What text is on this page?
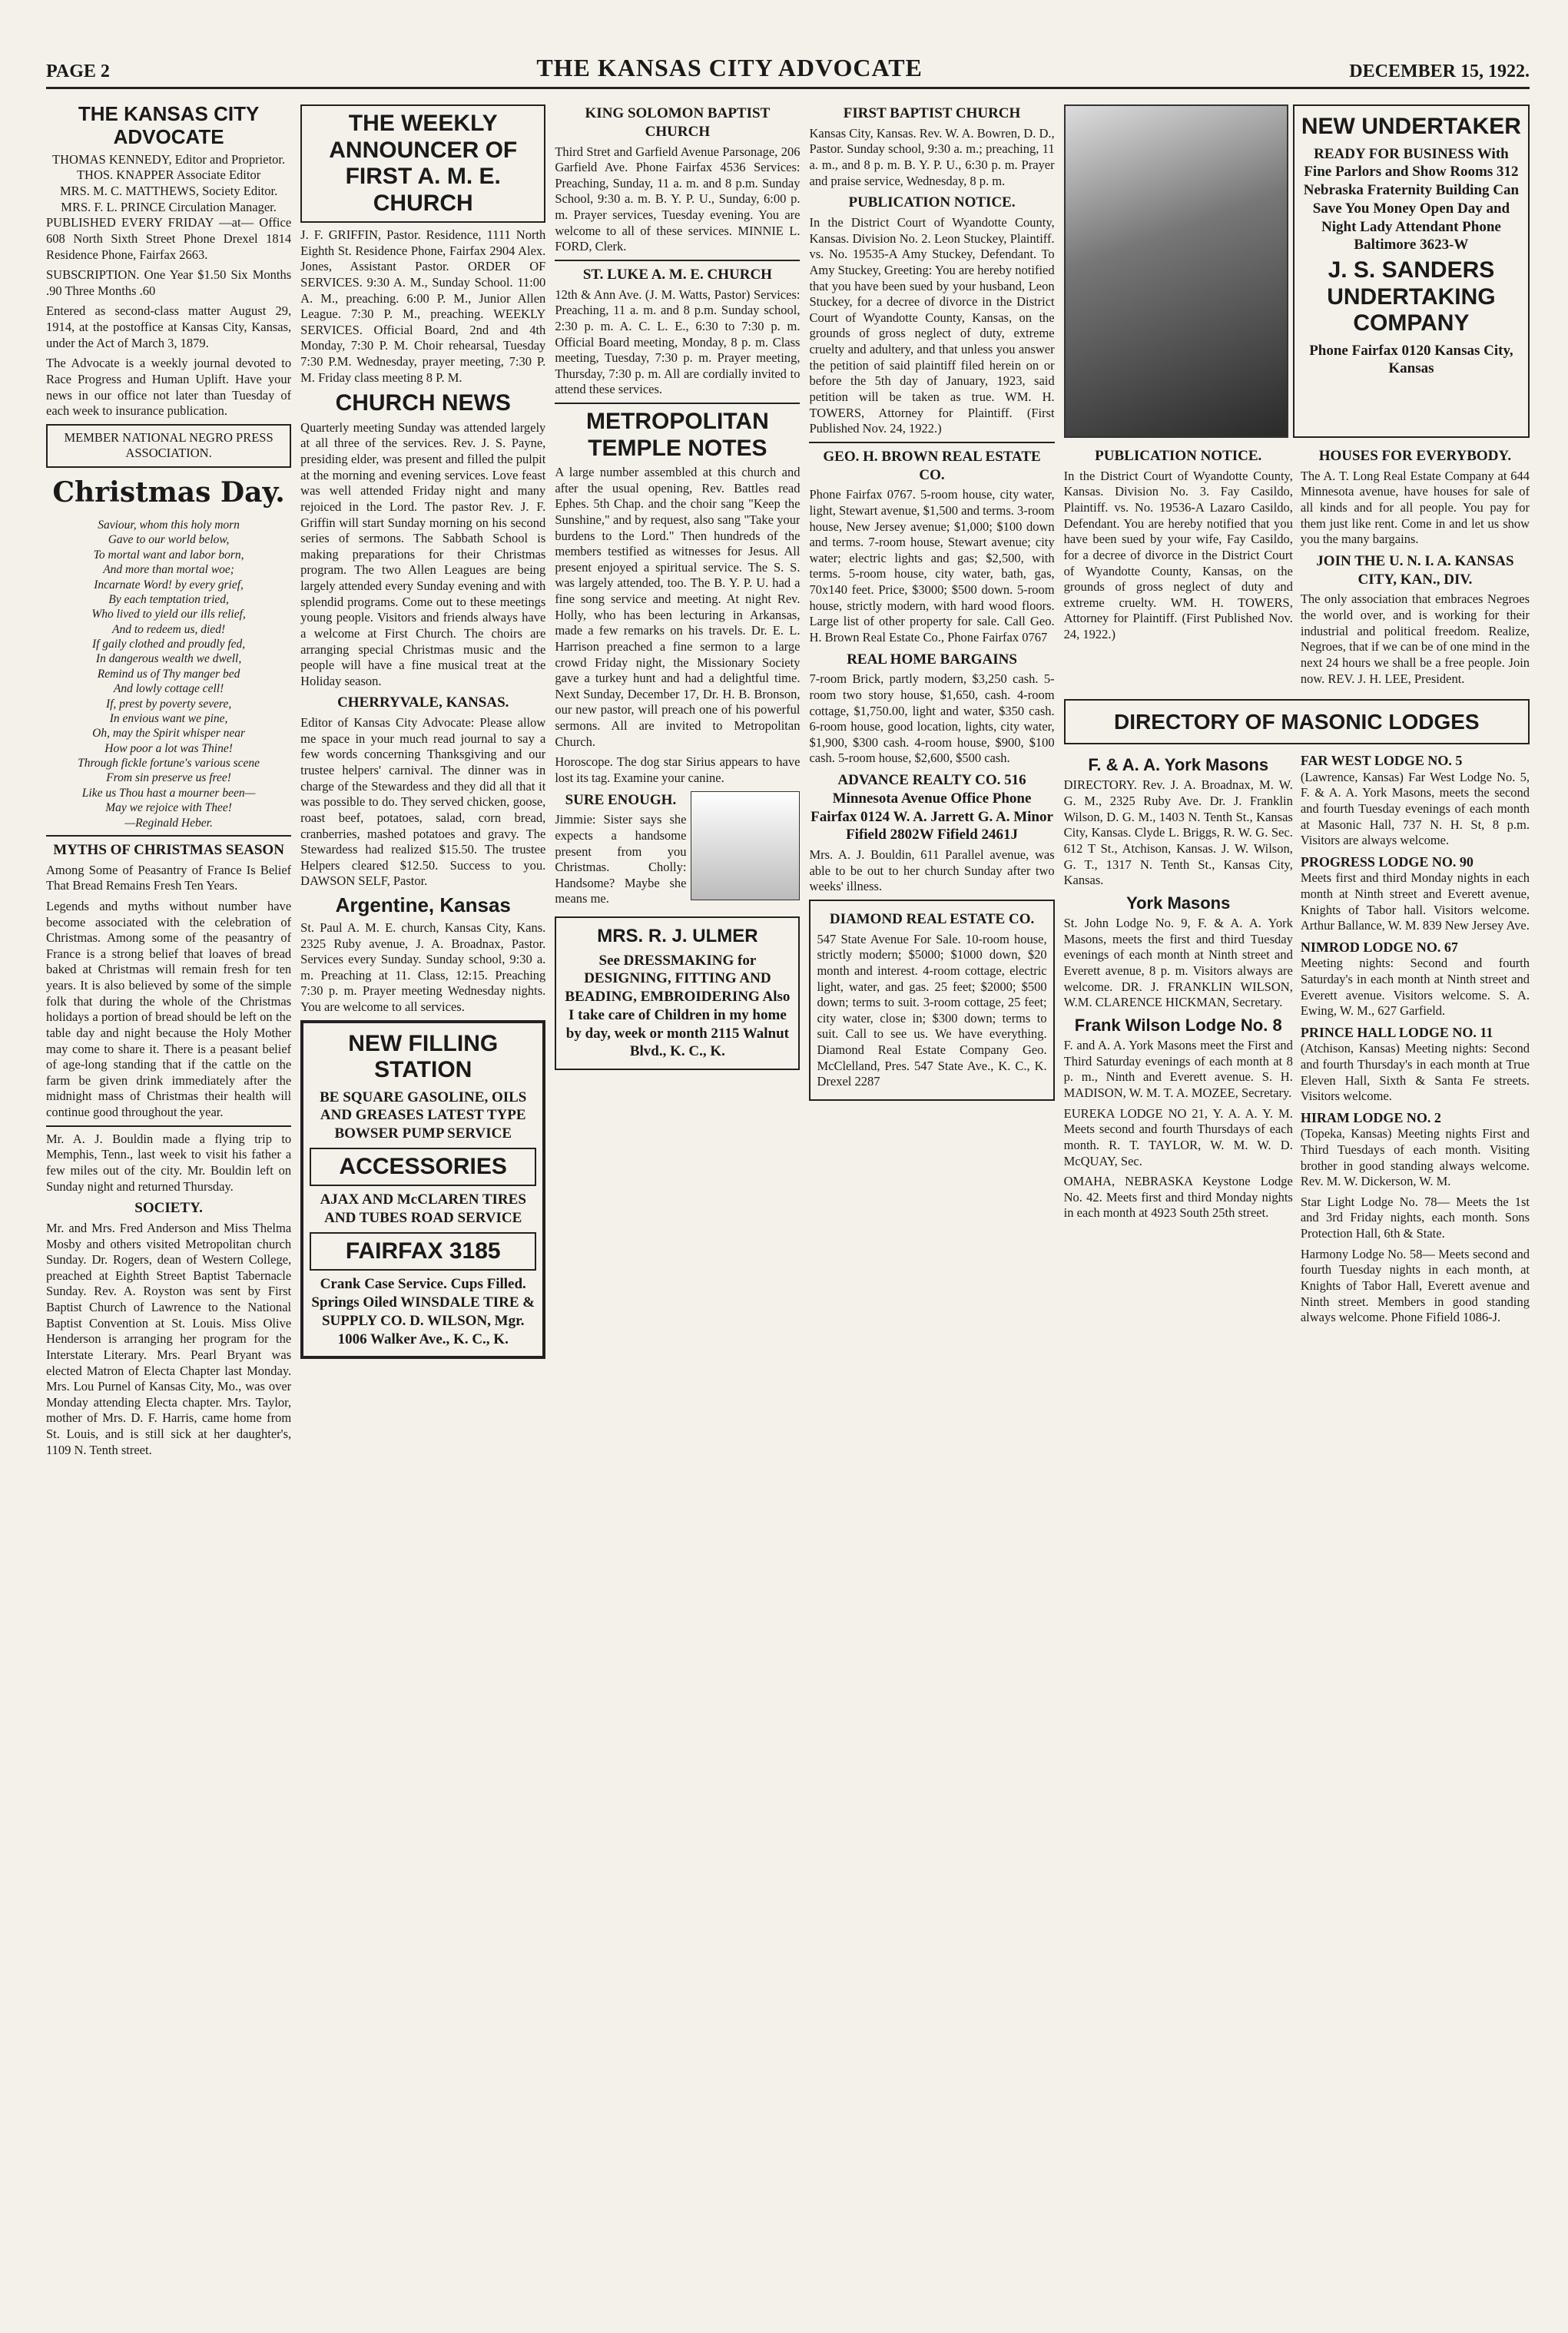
PAGE 2	THE KANSAS CITY ADVOCATE	DECEMBER 15, 1922.
THE KANSAS CITY ADVOCATE
THOMAS KENNEDY, Editor and Proprietor.
THOS. KNAPPER Associate Editor
MRS. M. C. MATTHEWS, Society Editor.
MRS. F. L. PRINCE Circulation Manager.

PUBLISHED EVERY FRIDAY —at— Office 608 North Sixth Street Phone Drexel 1814 Residence Phone, Fairfax 2663.

SUBSCRIPTION. One Year $1.50 Six Months .90 Three Months .60

Entered as second-class matter August 29, 1914, at the postoffice at Kansas City, Kansas, under the Act of March 3, 1879.

The Advocate is a weekly journal devoted to Race Progress and Human Uplift. Have your news in our office not later than Tuesday of each week to insurance publication.

MEMBER NATIONAL NEGRO PRESS ASSOCIATION.
Christmas Day.
Saviour, whom this holy morn
Gave to our world below,
To mortal want and labor born,
And more than mortal woe;
Incarnate Word! by every grief,
By each temptation tried,
Who lived to yield our ills relief,
And to redeem us, died!
If gaily clothed and proudly fed,
In dangerous wealth we dwell,
Remind us of Thy manger bed
And lowly cottage cell!
If, prest by poverty severe,
In envious want we pine,
Oh, may the Spirit whisper near
How poor a lot was Thine!
Through fickle fortune's various scene
From sin preserve us free!
Like us Thou hast a mourner been—
May we rejoice with Thee!
—Reginald Heber.
MYTHS OF CHRISTMAS SEASON

Among Some of Peasantry of France Is Belief That Bread Remains Fresh Ten Years.

Legends and myths without number have become associated with the celebration of Christmas. Among some of the peasantry of France is a strong belief that loaves of bread baked at Christmas will remain fresh for ten years. It is also believed by some of the simple folk that during the whole of the Christmas holidays a portion of bread should be left on the table day and night because the Holy Mother may come to share it. There is a peasant belief of age-long standing that if the cattle on the farm be given drink immediately after the midnight mass of Christmas their health will continue good throughout the year.

Mr. A. J. Bouldin made a flying trip to Memphis, Tenn., last week to visit his father a few miles out of the city. Mr. Bouldin left on Sunday night and returned Thursday.

SOCIETY.

Mr. and Mrs. Fred Anderson and Miss Thelma Mosby and others visited Metropolitan church Sunday. Dr. Rogers, dean of Western College, preached at Eighth Street Baptist Tabernacle Sunday. Rev. A. Royston was sent by First Baptist Church of Lawrence to the National Baptist Convention at St. Louis. Miss Olive Henderson is arranging her program for the Interstate Literary. Mrs. Pearl Bryant was elected Matron of Electa Chapter last Monday. Mrs. Lou Purnel of Kansas City, Mo., was over Monday attending Electa chapter. Mrs. Taylor, mother of Mrs. D. F. Harris, came home from St. Louis, and is still sick at her daughter's, 1109 N. Tenth street.

THE WEEKLY ANNOUNCER OF FIRST A. M. E. CHURCH

J. F. GRIFFIN, Pastor. Residence, 1111 North Eighth St. Residence Phone, Fairfax 2904 Alex. Jones, Assistant Pastor. ORDER OF SERVICES. 9:30 A. M., Sunday School. 11:00 A. M., preaching. 6:00 P. M., Junior Allen League. 7:30 P. M., preaching. WEEKLY SERVICES. Official Board, 2nd and 4th Monday, 7:30 P. M. Choir rehearsal, Tuesday 7:30 P.M. Wednesday, prayer meeting, 7:30 P. M. Friday class meeting 8 P. M.

CHURCH NEWS

Quarterly meeting Sunday was attended largely at all three of the services. Rev. J. S. Payne, presiding elder, was present and filled the pulpit at the morning and evening services. Love feast was well attended Friday night and many rejoiced in the Lord. The pastor Rev. J. F. Griffin will start Sunday morning on his second series of sermons. The Sabbath School is making preparations for their Christmas program. The two Allen Leagues are being largely attended every Sunday evening and with splendid programs. Come out to these meetings young people. Visitors and friends always have a welcome at First Church. The choirs are arranging special Christmas music and the people will have a fine musical treat at the Holiday season.

CHERRYVALE, KANSAS.

Editor of Kansas City Advocate: Please allow me space in your much read journal to say a few words concerning Thanksgiving and our trustee helpers' carnival. The dinner was in charge of the Stewardess and they did all that it was possible to do. They served chicken, goose, roast beef, potatoes, salad, corn bread, cranberries, mashed potatoes and gravy. The Stewardess had realized $15.50. The trustee Helpers cleared $12.50. Success to you. DAWSON SELF, Pastor.

Argentine, Kansas

St. Paul A. M. E. church, Kansas City, Kans. 2325 Ruby avenue, J. A. Broadnax, Pastor. Services every Sunday. Sunday school, 9:30 a. m. Preaching at 11. Class, 12:15. Preaching 7:30 p. m. Prayer meeting Wednesday nights. You are welcome to all services.

NEW FILLING STATION
BE SQUARE GASOLINE, OILS AND GREASES LATEST TYPE BOWSER PUMP SERVICE
ACCESSORIES
AJAX AND McCLAREN TIRES AND TUBES ROAD SERVICE
FAIRFAX 3185
Crank Case Service. Cups Filled. Springs Oiled WINSDALE TIRE & SUPPLY CO. D. WILSON, Mgr. 1006 Walker Ave., K. C., K.
KING SOLOMON BAPTIST CHURCH

Third Stret and Garfield Avenue Parsonage, 206 Garfield Ave. Phone Fairfax 4536 Services: Preaching, Sunday, 11 a. m. and 8 p.m. Sunday School, 9:30 a. m. B. Y. P. U., Sunday, 6:00 p. m. Prayer services, Tuesday evening. You are welcome to all of these services. MINNIE L. FORD, Clerk.

ST. LUKE A. M. E. CHURCH

12th & Ann Ave. (J. M. Watts, Pastor) Services: Preaching, 11 a. m. and 8 p.m. Sunday school, 2:30 p. m. A. C. L. E., 6:30 to 7:30 p. m. Official Board meeting, Monday, 8 p. m. Class meeting, Tuesday, 7:30 p. m. Prayer meeting, Thursday, 7:30 p. m. All are cordially invited to attend these services.

METROPOLITAN TEMPLE NOTES

A large number assembled at this church and after the usual opening, Rev. Battles read Ephes. 5th Chap. and the choir sang "Keep the Sunshine," and by request, also sang "Take your burdens to the Lord." Then hundreds of the members testified as witnesses for Jesus. All present enjoyed a spiritual service. The S. S. was largely attended, too. The B. Y. P. U. had a fine song service and meeting. At night Rev. Holly, who has been lecturing in Arkansas, made a few remarks on his travels. Dr. E. L. Harrison preached a fine sermon to a large crowd Friday night, the Missionary Society gave a turkey hunt and had a delightful time. Next Sunday, December 17, Dr. H. B. Bronson, our new pastor, will preach one of his powerful sermons. All are invited to Metropolitan Church.

Horoscope. The dog star Sirius appears to have lost its tag. Examine your canine.

SURE ENOUGH.

Jimmie: Sister says she expects a handsome present from you Christmas. Cholly: Handsome? Maybe she means me.

MRS. R. J. ULMER
See DRESSMAKING for DESIGNING, FITTING AND BEADING, EMBROIDERING Also I take care of Children in my home by day, week or month 2115 Walnut Blvd., K. C., K.
FIRST BAPTIST CHURCH

Kansas City, Kansas. Rev. W. A. Bowren, D. D., Pastor. Sunday school, 9:30 a. m.; preaching, 11 a. m., and 8 p. m. B. Y. P. U., 6:30 p. m. Prayer and praise service, Wednesday, 8 p. m.

PUBLICATION NOTICE.

In the District Court of Wyandotte County, Kansas. Division No. 2. Leon Stuckey, Plaintiff. vs. No. 19535-A Amy Stuckey, Defendant. To Amy Stuckey, Greeting: You are hereby notified that you have been sued by your husband, Leon Stuckey, for a decree of divorce in the District Court of Wyandotte County, Kansas, on the grounds of gross neglect of duty, extreme cruelty and adultery, and that unless you answer the petition of said plaintiff filed herein on or before the 5th day of January, 1923, said petition will be taken as true. WM. H. TOWERS, Attorney for Plaintiff. (First Published Nov. 24, 1922.)

GEO. H. BROWN REAL ESTATE CO.

Phone Fairfax 0767. 5-room house, city water, light, Stewart avenue, $1,500 and terms. 3-room house, New Jersey avenue; $1,000; $100 down and terms. 7-room house, Stewart avenue; city water; electric lights and gas; $2,500, with terms. 5-room house, city water, bath, gas, 70x140 feet. Price, $3000; $500 down. 5-room house, strictly modern, with hard wood floors. Large list of other property for sale. Call Geo. H. Brown Real Estate Co., Phone Fairfax 0767

REAL HOME BARGAINS

7-room Brick, partly modern, $3,250 cash. 5-room two story house, $1,650, cash. 4-room cottage, $1,750.00, light and water, $350 cash. 6-room house, good location, lights, city water, $1,900, $300 cash. 4-room house, $900, $100 cash. 5-room house, $2,600, $500 cash.

ADVANCE REALTY CO. 516 Minnesota Avenue Office Phone Fairfax 0124 W. A. Jarrett G. A. Minor Fifield 2802W Fifield 2461J

Mrs. A. J. Bouldin, 611 Parallel avenue, was able to be out to her church Sunday after two weeks' illness.

DIAMOND REAL ESTATE CO.

547 State Avenue For Sale. 10-room house, strictly modern; $5000; $1000 down, $20 month and interest. 4-room cottage, electric light, water, and gas. 25 feet; $2000; $500 down; terms to suit. 3-room cottage, 25 feet; city water, close in; $300 down; terms to suit. Call to see us. We have everything. Diamond Real Estate Company Geo. McClelland, Pres. 547 State Ave., K. C., K. Drexel 2287

NEW UNDERTAKER
READY FOR BUSINESS With Fine Parlors and Show Rooms 312 Nebraska Fraternity Building Can Save You Money Open Day and Night Lady Attendant Phone Baltimore 3623-W
J. S. SANDERS UNDERTAKING COMPANY
Phone Fairfax 0120 Kansas City, Kansas
PUBLICATION NOTICE.

In the District Court of Wyandotte County, Kansas. Division No. 3. Fay Casildo, Plaintiff. vs. No. 19536-A Lazaro Casildo, Defendant. You are hereby notified that you have been sued by your wife, Fay Casildo, for a decree of divorce in the District Court of Wyandotte County, Kansas, on the grounds of gross neglect of duty and extreme cruelty. WM. H. TOWERS, Attorney for Plaintiff. (First Published Nov. 24, 1922.)

HOUSES FOR EVERYBODY.

The A. T. Long Real Estate Company at 644 Minnesota avenue, have houses for sale of all kinds and for all people. You pay for them just like rent. Come in and let us show you the many bargains.

JOIN THE U. N. I. A. KANSAS CITY, KAN., DIV.

The only association that embraces Negroes the world over, and is working for their industrial and political freedom. Realize, Negroes, that if we can be of one mind in the next 24 hours we shall be a free people. Join now. REV. J. H. LEE, President.

DIRECTORY OF MASONIC LODGES
F. & A. A. York Masons

DIRECTORY. Rev. J. A. Broadnax, M. W. G. M., 2325 Ruby Ave. Dr. J. Franklin Wilson, D. G. M., 1403 N. Tenth St., Kansas City, Kansas. Clyde L. Briggs, R. W. G. Sec. 612 T St., Atchison, Kansas. J. W. Wilson, G. T., 1317 N. Tenth St., Kansas City, Kansas.

York Masons

St. John Lodge No. 9, F. & A. A. York Masons, meets the first and third Tuesday evenings of each month at Ninth street and Everett avenue, 8 p. m. Visitors always are welcome. DR. J. FRANKLIN WILSON, W.M. CLARENCE HICKMAN, Secretary.

Frank Wilson Lodge No. 8

F. and A. A. York Masons meet the First and Third Saturday evenings of each month at 8 p. m., Ninth and Everett avenue. S. H. MADISON, W. M. T. A. MOZEE, Secretary.

EUREKA LODGE NO 21, Y. A. A. Y. M. Meets second and fourth Thursdays of each month. R. T. TAYLOR, W. M. W. D. McQUAY, Sec.

OMAHA, NEBRASKA Keystone Lodge No. 42. Meets first and third Monday nights in each month at 4923 South 25th street.

FAR WEST LODGE NO. 5

(Lawrence, Kansas) Far West Lodge No. 5, F. & A. A. York Masons, meets the second and fourth Tuesday evenings of each month at Masonic Hall, 737 N. H. St, 8 p.m. Visitors are always welcome.

PROGRESS LODGE NO. 90

Meets first and third Monday nights in each month at Ninth street and Everett avenue, Knights of Tabor hall. Visitors welcome. Arthur Ballance, W. M. 839 New Jersey Ave.

NIMROD LODGE NO. 67

Meeting nights: Second and fourth Saturday's in each month at Ninth street and Everett avenue. Visitors welcome. S. A. Ewing, W. M., 627 Garfield.

PRINCE HALL LODGE NO. 11

(Atchison, Kansas) Meeting nights: Second and fourth Thursday's in each month at True Eleven Hall, Sixth & Santa Fe streets. Visitors welcome.

HIRAM LODGE NO. 2

(Topeka, Kansas) Meeting nights First and Third Tuesdays of each month. Visiting brother in good standing always welcome. Rev. M. W. Dickerson, W. M.

Star Light Lodge No. 78— Meets the 1st and 3rd Friday nights, each month. Sons Protection Hall, 6th & State.

Harmony Lodge No. 58— Meets second and fourth Tuesday nights in each month, at Knights of Tabor Hall, Everett avenue and Ninth street. Members in good standing always welcome. Phone Fifield 1086-J.
